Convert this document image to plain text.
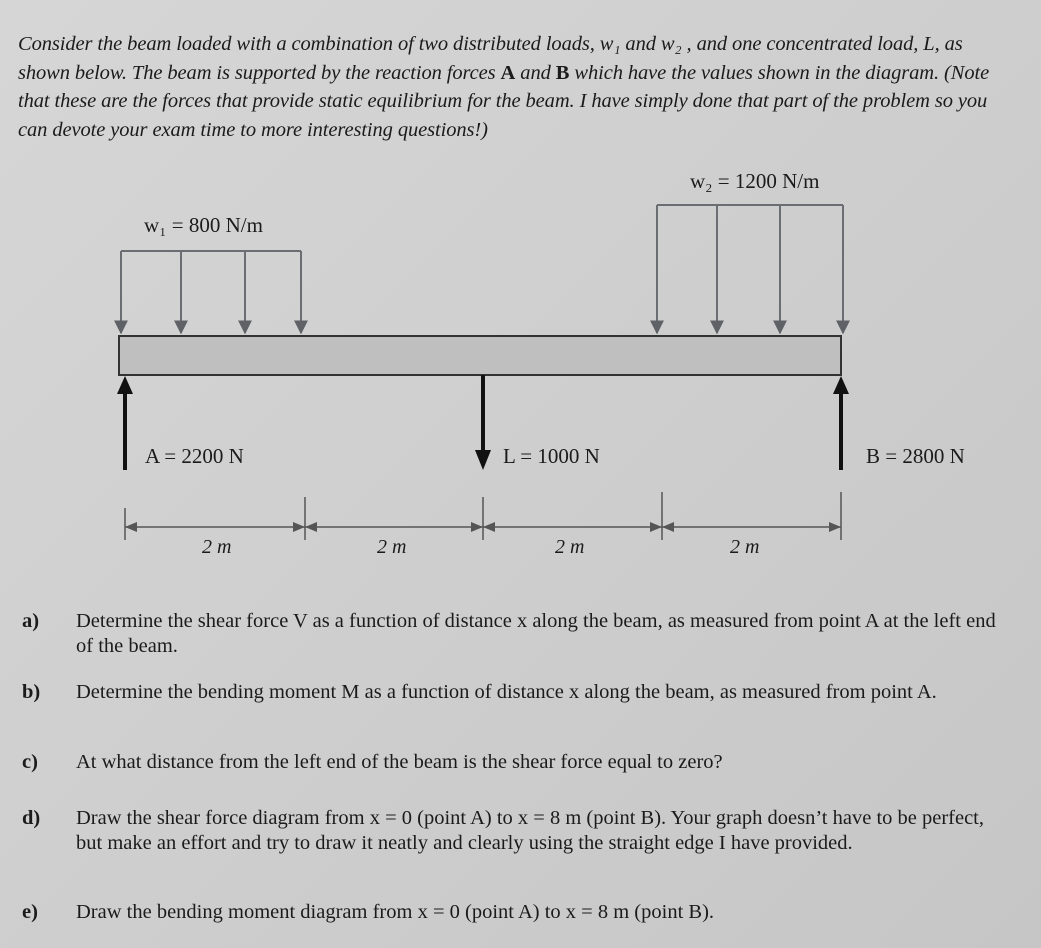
Consider the beam loaded with a combination of two distributed loads, w₁ and w₂ , and one concentrated load, L, as shown below. The beam is supported by the reaction forces A and B which have the values shown in the diagram. (Note that these are the forces that provide static equilibrium for the beam. I have simply done that part of the problem so you can devote your exam time to more interesting questions!)

w₁ = 800 N/m
w₂ = 1200 N/m
A = 2200 N	L = 1000 N	B = 2800 N
2 m	2 m	2 m	2 m
a)	Determine the shear force V as a function of distance x along the beam, as measured from point A at the left end of the beam.
b)	Determine the bending moment M as a function of distance x along the beam, as measured from point A.
c)	At what distance from the left end of the beam is the shear force equal to zero?
d)	Draw the shear force diagram from x = 0 (point A) to x = 8 m (point B). Your graph doesn’t have to be perfect, but make an effort and try to draw it neatly and clearly using the straight edge I have provided.
e)	Draw the bending moment diagram from x = 0 (point A) to x = 8 m (point B).
